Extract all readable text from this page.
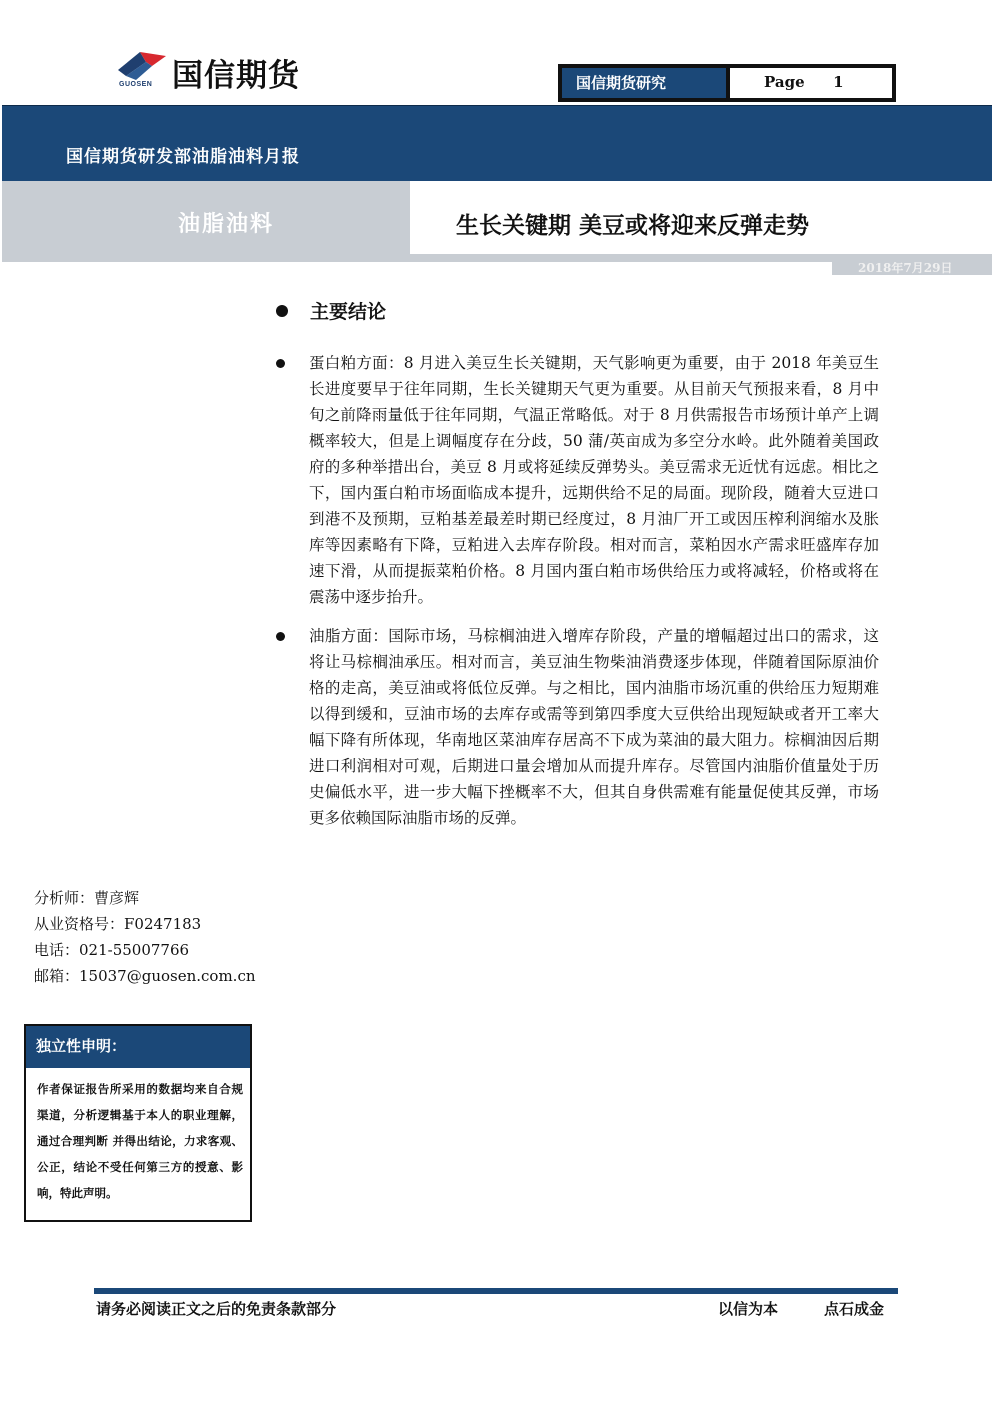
国信期货
GUOSEN	国信期货研究	Page 1
国信期货研发部油脂油料月报
油脂油料	生长关键期 美豆或将迎来反弹走势
2018年7月29日
主要结论
蛋白粕方面：8 月进入美豆生长关键期，天气影响更为重要，由于 2018 年美豆生长进度要早于往年同期，生长关键期天气更为重要。从目前天气预报来看，8 月中旬之前降雨量低于往年同期，气温正常略低。对于 8 月供需报告市场预计单产上调概率较大，但是上调幅度存在分歧，50 蒲/英亩成为多空分水岭。此外随着美国政府的多种举措出台，美豆 8 月或将延续反弹势头。美豆需求无近忧有远虑。相比之下，国内蛋白粕市场面临成本提升，远期供给不足的局面。现阶段，随着大豆进口到港不及预期，豆粕基差最差时期已经度过，8 月油厂开工或因压榨利润缩水及胀库等因素略有下降，豆粕进入去库存阶段。相对而言，菜粕因水产需求旺盛库存加速下滑，从而提振菜粕价格。8 月国内蛋白粕市场供给压力或将减轻，价格或将在震荡中逐步抬升。
油脂方面：国际市场，马棕榈油进入增库存阶段，产量的增幅超过出口的需求，这将让马棕榈油承压。相对而言，美豆油生物柴油消费逐步体现，伴随着国际原油价格的走高，美豆油或将低位反弹。与之相比，国内油脂市场沉重的供给压力短期难以得到缓和，豆油市场的去库存或需等到第四季度大豆供给出现短缺或者开工率大幅下降有所体现，华南地区菜油库存居高不下成为菜油的最大阻力。棕榈油因后期进口利润相对可观，后期进口量会增加从而提升库存。尽管国内油脂价值量处于历史偏低水平，进一步大幅下挫概率不大，但其自身供需难有能量促使其反弹，市场更多依赖国际油脂市场的反弹。
分析师：曹彦辉
从业资格号：F0247183
电话：021-55007766
邮箱：15037@guosen.com.cn
独立性申明：
作者保证报告所采用的数据均来自合规渠道，分析逻辑基于本人的职业理解，通过合理判断 并得出结论，力求客观、公正，结论不受任何第三方的授意、影响，特此声明。
请务必阅读正文之后的免责条款部分	以信为本	点石成金
